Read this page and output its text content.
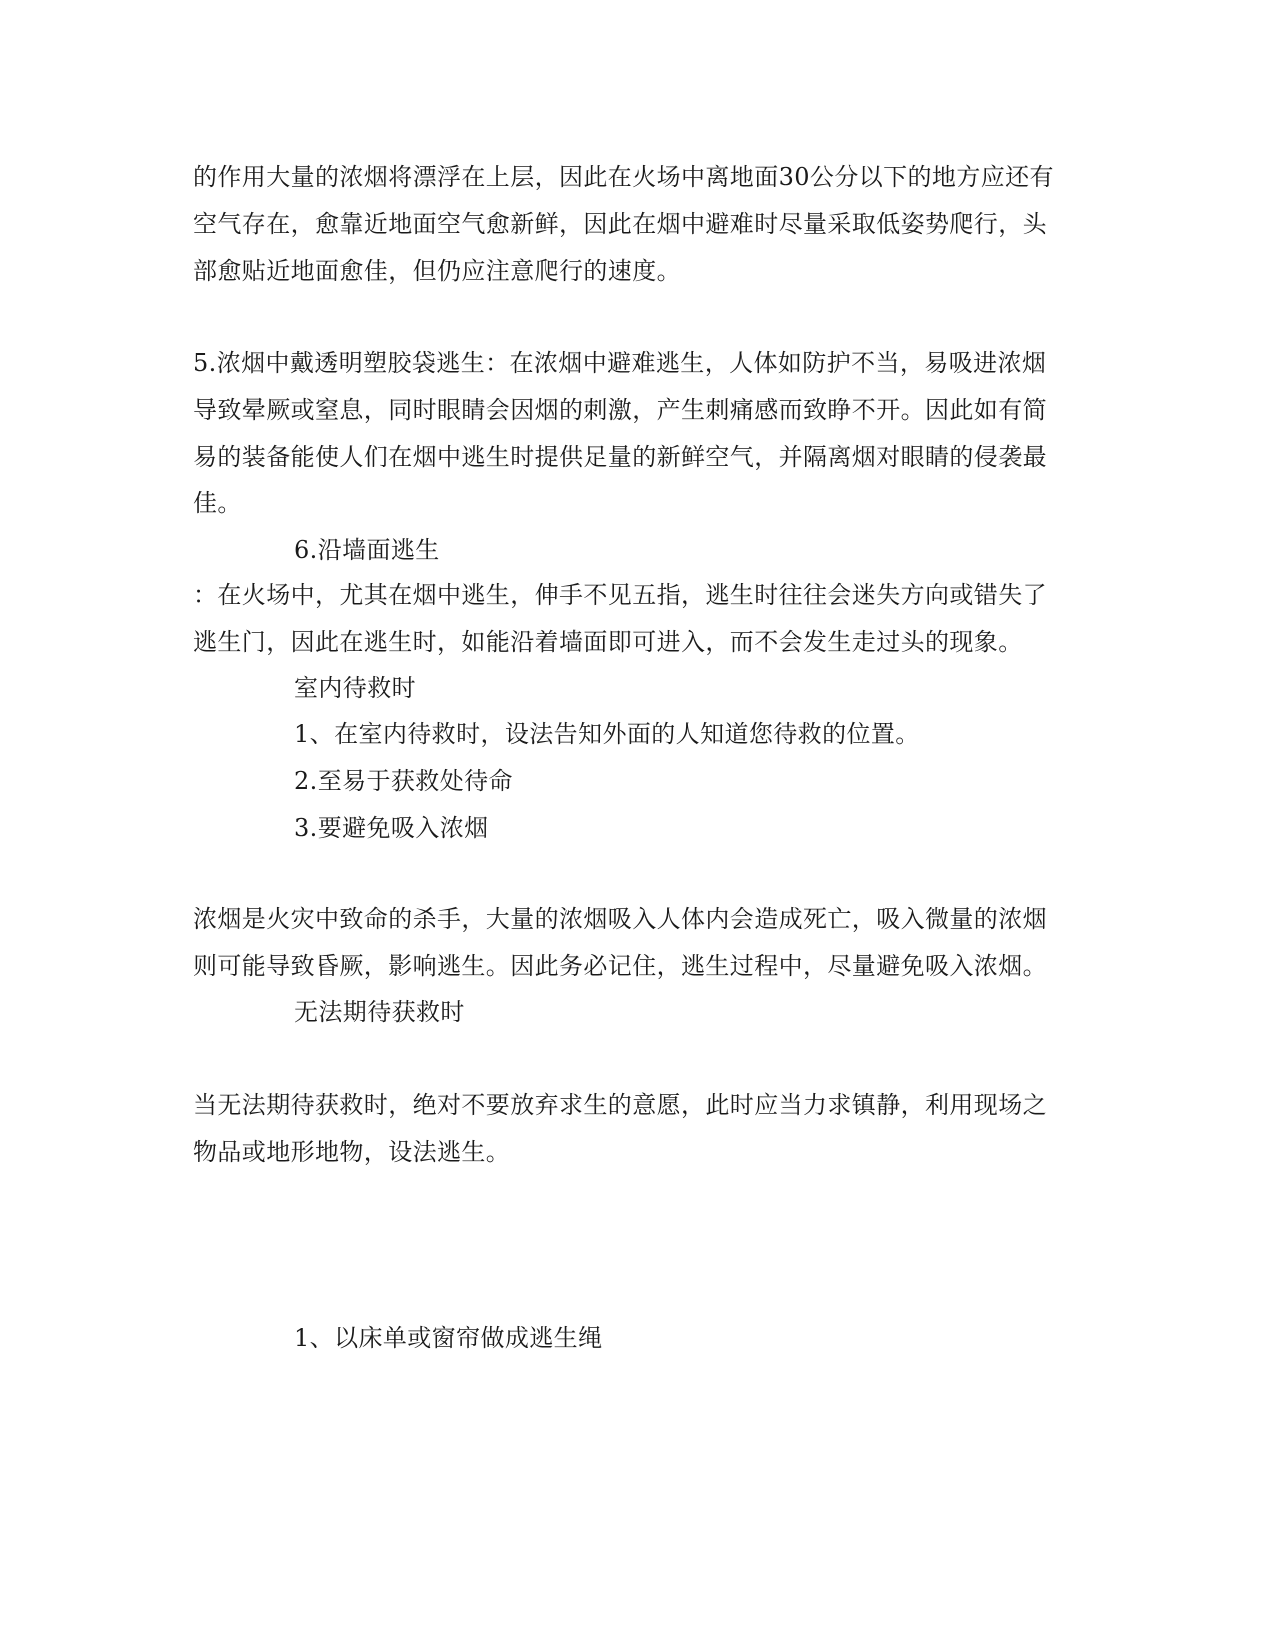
的作用大量的浓烟将漂浮在上层，因此在火场中离地面30公分以下的地方应还有
空气存在，愈靠近地面空气愈新鲜，因此在烟中避难时尽量采取低姿势爬行，头
部愈贴近地面愈佳，但仍应注意爬行的速度。
5.浓烟中戴透明塑胶袋逃生：在浓烟中避难逃生，人体如防护不当，易吸进浓烟
导致晕厥或窒息，同时眼睛会因烟的刺激，产生刺痛感而致睁不开。因此如有简
易的装备能使人们在烟中逃生时提供足量的新鲜空气，并隔离烟对眼睛的侵袭最
佳。
6.沿墙面逃生
：在火场中，尤其在烟中逃生，伸手不见五指，逃生时往往会迷失方向或错失了
逃生门，因此在逃生时，如能沿着墙面即可进入，而不会发生走过头的现象。
室内待救时
1、在室内待救时，设法告知外面的人知道您待救的位置。
2.至易于获救处待命
3.要避免吸入浓烟
浓烟是火灾中致命的杀手，大量的浓烟吸入人体内会造成死亡，吸入微量的浓烟
则可能导致昏厥，影响逃生。因此务必记住，逃生过程中，尽量避免吸入浓烟。
无法期待获救时
当无法期待获救时，绝对不要放弃求生的意愿，此时应当力求镇静，利用现场之
物品或地形地物，设法逃生。
1、以床单或窗帘做成逃生绳
